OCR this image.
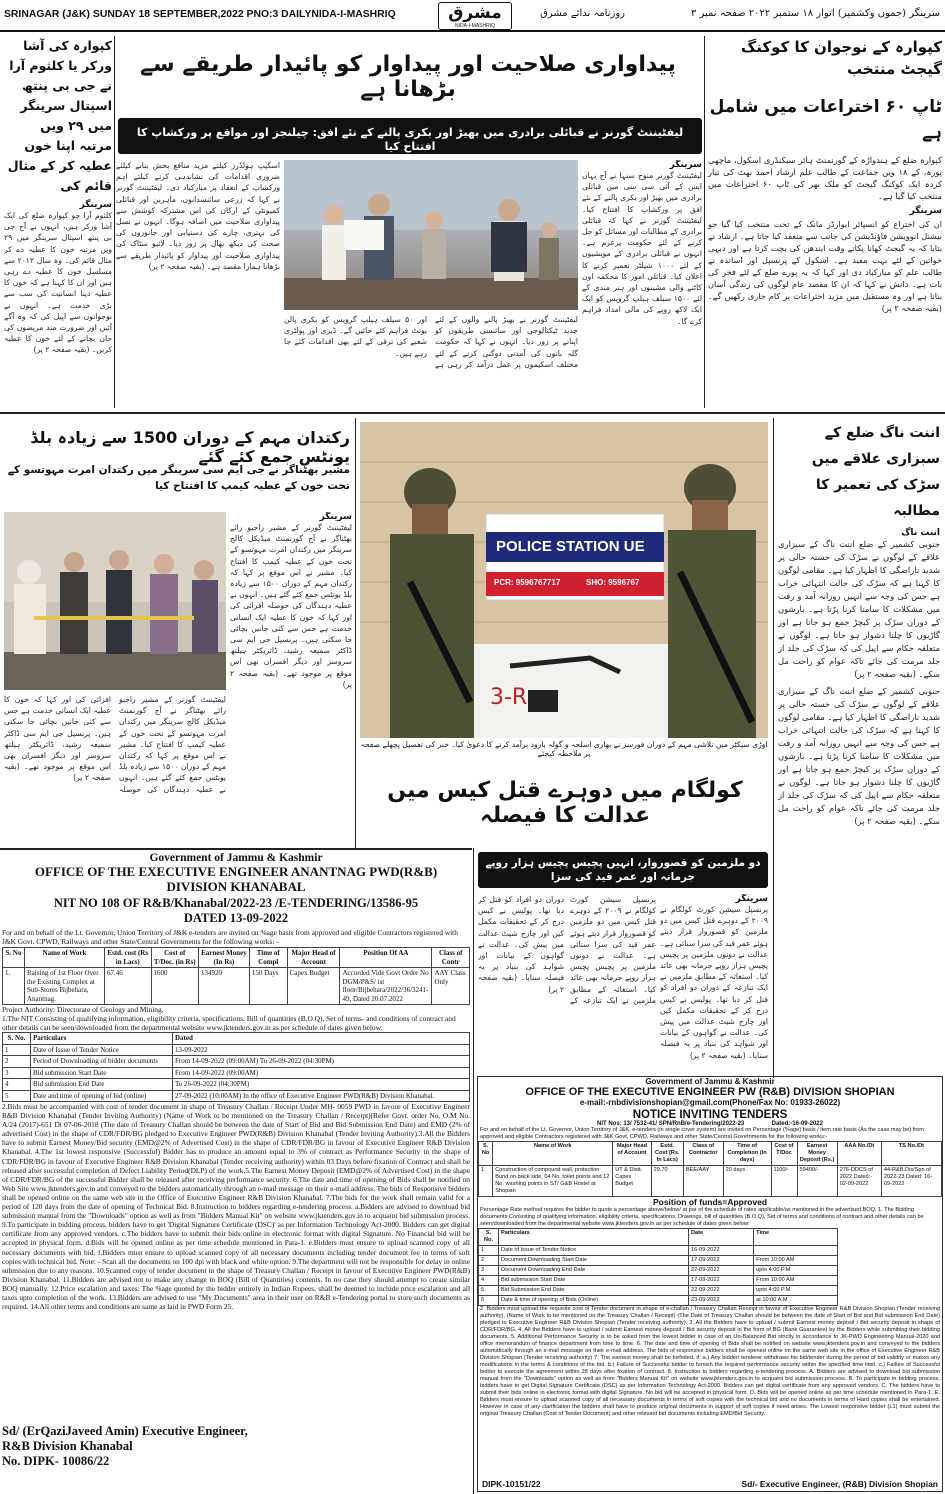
SRINAGAR (J&K) SUNDAY 18 SEPTEMBER,2022 PNO:3 DAILYNIDA-I-MASHRIQ	مشرق
NIDA-I-MASHRIQ
روزنامہ ندائے مشرق	سرینگر (جموں وکشمیر) اتوار ۱۸ ستمبر ۲۰۲۲ صفحہ نمبر ۳
کپوارہ کے نوجوان کا کوکنگ گیجٹ منتخب
ٹاپ ۶۰ اختراعات میں شامل ہے
کپوارہ ضلع کے ہندواڑہ کے گورنمنٹ ہائر سیکنڈری اسکول، ماچھی پورہ، کے ۱۸ ویں جماعت کے طالب علم ارشاد احمد بھٹ کی تیار کردہ ایک کوکنگ گیجٹ کو ملک بھر کی ٹاپ ۶۰ اختراعات میں منتخب کیا گیا ہے۔
سرینگر
ان کی اختراع کو انسپائر ایوارڈز مانک کے تحت منتخب کیا گیا جو نیشنل انوویشن فاؤنڈیشن کی جانب سے منعقد کیا جاتا ہے۔ ارشاد نے بتایا کہ یہ گیجٹ کھانا پکاتے وقت ایندھن کی بچت کرتا ہے اور دیہی خواتین کے لئے بہت مفید ہے۔ اسکول کے پرنسپل اور اساتذہ نے طالب علم کو مبارکباد دی اور کہا کہ یہ پورے ضلع کے لئے فخر کی بات ہے۔ دانش نے کہا کہ ان کا مقصد عام لوگوں کی زندگی آسان بنانا ہے اور وہ مستقبل میں مزید اختراعات پر کام جاری رکھیں گے۔ (بقیہ صفحہ ۲ پر)
پیداواری صلاحیت اور پیداوار کو پائیدار طریقے سے بڑھانا ہے
لیفٹیننٹ گورنر نے قبائلی برادری میں بھیڑ اور بکری پالنے کے نئے افق: چیلنجز اور مواقع پر ورکشاپ کا افتتاح کیا
اسکیپ ہولڈرز کیلئے مزید منافع بخش بنانے کیلئے ضروری اقدامات کی نشاندہی کرنے کیلئے اہم ورکشاپ کے انعقاد پر مبارکباد دی۔ لیفٹیننٹ گورنر نے کہا کہ زرعی سائنسدانوں، ماہرین اور قبائلی کمیونٹی کے ارکان کی اس مشترکہ کوشش سے پیداواری صلاحیت میں اضافہ ہوگا۔ انہوں نے نسل کی بہتری، چارے کی دستیابی اور جانوروں کی صحت کی دیکھ بھال پر زور دیا۔ لائیو سٹاک کی پیداواری صلاحیت اور پیداوار کو پائیدار طریقے سے بڑھانا ہمارا مقصد ہے۔ (بقیہ صفحہ ۲ پر)
سرینگر
لیفٹیننٹ گورنر منوج سنہا نے آج یہاں ایس کے آئی سی سی میں قبائلی برادری میں بھیڑ اور بکری پالنے کے نئے افق پر ورکشاپ کا افتتاح کیا۔ لیفٹیننٹ گورنر نے کہا کہ قبائلی برادری کے مطالبات اور مسائل کو حل کرنے کے لئے حکومت پرعزم ہے۔ انہوں نے قبائلی برادری کے مویشیوں کے لئے ۱۰۰۰ شیلٹر تعمیر کرنے کا اعلان کیا۔ قبائلی امور کا محکمہ اون کاٹنے والی مشینوں اور ہنر مندی کے لئے ۱۵۰۰ سیلف ہیلپ گروپس کو ایک ایک لاکھ روپے کی مالی امداد فراہم کرے گا۔
لیفٹیننٹ گورنر نے بھیڑ پالنے والوں کے لئے جدید ٹیکنالوجی اور سائنسی طریقوں کو اپنانے پر زور دیا۔ انہوں نے کہا کہ حکومت گلہ بانوں کی آمدنی دوگنی کرنے کے لئے مختلف اسکیموں پر عمل درآمد کر رہی ہے اور ۵۰ سیلف ہیلپ گروپس کو بکری پالن یونٹ فراہم کئے جائیں گے۔ ڈیری اور پولٹری شعبے کی ترقی کے لئے بھی اقدامات کئے جا رہے ہیں۔
کپوارہ کی آشا ورکر یا کلثوم آرا نے جی بی پنتھ اسپتال سرینگر میں ۲۹ ویں مرتبہ اپنا خون عطیہ کر کے مثال قائم کی
سرینگر
کلثوم آرا جو کپوارہ ضلع کی ایک آشا ورکر ہیں، انہوں نے آج جی بی پنتھ اسپتال سرینگر میں ۲۹ ویں مرتبہ خون کا عطیہ دے کر مثال قائم کی۔ وہ سال ۲۰۱۲ سے مسلسل خون کا عطیہ دے رہی ہیں اور ان کا کہنا ہے کہ خون کا عطیہ دینا انسانیت کی سب سے بڑی خدمت ہے۔ انہوں نے نوجوانوں سے اپیل کی کہ وہ آگے آئیں اور ضرورت مند مریضوں کی جان بچانے کے لئے خون کا عطیہ کریں۔ (بقیہ صفحہ ۲ پر)
رکتدان مہم کے دوران 1500 سے زیادہ بلڈ یونٹس جمع کئے گئے
مشیر بھٹناگر نے جی ایم سی سرینگر میں رکتدان امرت مہوتسو کے تحت خون کے عطیہ کیمپ کا افتتاح کیا
سرینگر
لیفٹیننٹ گورنر کے مشیر راجیو رائے بھٹناگر نے آج گورنمنٹ میڈیکل کالج سرینگر میں رکتدان امرت مہوتسو کے تحت خون کے عطیہ کیمپ کا افتتاح کیا۔ مشیر نے اس موقع پر کہا کہ رکتدان مہم کے دوران ۱۵۰۰ سے زیادہ بلڈ یونٹس جمع کئے گئے ہیں۔ انہوں نے عطیہ دہندگان کی حوصلہ افزائی کی اور کہا کہ خون کا عطیہ ایک انسانی خدمت ہے جس سے کئی جانیں بچائی جا سکتی ہیں۔ پرنسپل جی ایم سی ڈاکٹر سمیعہ رشید، ڈائریکٹر ہیلتھ سروسز اور دیگر افسران بھی اس موقع پر موجود تھے۔ (بقیہ صفحہ ۲ پر)
لیفٹیننٹ گورنر کے مشیر راجیو رائے بھٹناگر نے آج گورنمنٹ میڈیکل کالج سرینگر میں رکتدان امرت مہوتسو کے تحت خون کے عطیہ کیمپ کا افتتاح کیا۔ مشیر نے اس موقع پر کہا کہ رکتدان مہم کے دوران ۱۵۰۰ سے زیادہ بلڈ یونٹس جمع کئے گئے ہیں۔ انہوں نے عطیہ دہندگان کی حوصلہ افزائی کی اور کہا کہ خون کا عطیہ ایک انسانی خدمت ہے جس سے کئی جانیں بچائی جا سکتی ہیں۔ پرنسپل جی ایم سی ڈاکٹر سمیعہ رشید، ڈائریکٹر ہیلتھ سروسز اور دیگر افسران بھی اس موقع پر موجود تھے۔ (بقیہ صفحہ ۲ پر)
3-R
POLICE STATION UE
PCR: 9596767717	SHO: 9596767
اوڑی سیکٹر میں تلاشی مہم کے دوران فورسز نے بھاری اسلحہ و گولہ بارود برآمد کرنے کا دعویٰ کیا۔ خبر کی تفصیل پچھلے صفحہ پر ملاحظہ کیجئے
اننت ناگ ضلع کے سبزاری علاقے میں سڑک کی تعمیر کا مطالبہ
اننت ناگ
جنوبی کشمیر کے ضلع اننت ناگ کے سبزاری علاقے کے لوگوں نے سڑک کی خستہ حالی پر شدید ناراضگی کا اظہار کیا ہے۔ مقامی لوگوں کا کہنا ہے کہ سڑک کی حالت انتہائی خراب ہے جس کی وجہ سے انہیں روزانہ آمد و رفت میں مشکلات کا سامنا کرنا پڑتا ہے۔ بارشوں کے دوران سڑک پر کیچڑ جمع ہو جاتا ہے اور گاڑیوں کا چلنا دشوار ہو جاتا ہے۔ لوگوں نے متعلقہ حکام سے اپیل کی کہ سڑک کی جلد از جلد مرمت کی جائے تاکہ عوام کو راحت مل سکے۔ (بقیہ صفحہ ۲ پر)
جنوبی کشمیر کے ضلع اننت ناگ کے سبزاری علاقے کے لوگوں نے سڑک کی خستہ حالی پر شدید ناراضگی کا اظہار کیا ہے۔ مقامی لوگوں کا کہنا ہے کہ سڑک کی حالت انتہائی خراب ہے جس کی وجہ سے انہیں روزانہ آمد و رفت میں مشکلات کا سامنا کرنا پڑتا ہے۔ بارشوں کے دوران سڑک پر کیچڑ جمع ہو جاتا ہے اور گاڑیوں کا چلنا دشوار ہو جاتا ہے۔ لوگوں نے متعلقہ حکام سے اپیل کی کہ سڑک کی جلد از جلد مرمت کی جائے تاکہ عوام کو راحت مل سکے۔ (بقیہ صفحہ ۲ پر)
کولگام میں دوہرے قتل کیس میں عدالت کا فیصلہ
دو ملزمین کو قصوروار، انہیں پچیس پچیس ہزار روپے جرمانہ اور عمر قید کی سزا
سرینگر
پرنسپل سیشن کورٹ کولگام نے ۲۰۰۹ کے دوہرے قتل کیس میں دو ملزمین کو قصوروار قرار دیتے ہوئے عمر قید کی سزا سنائی ہے۔ عدالت نے دونوں ملزمین پر پچیس پچیس ہزار روپے جرمانہ بھی عائد کیا۔ استغاثہ کے مطابق ملزمین نے ایک تنازعہ کے دوران دو افراد کو قتل کر دیا تھا۔ پولیس نے کیس درج کر کے تحقیقات مکمل کیں اور چارج شیٹ عدالت میں پیش کی۔ عدالت نے گواہوں کے بیانات اور شواہد کی بنیاد پر یہ فیصلہ سنایا۔ (بقیہ صفحہ ۲ پر)
پرنسپل سیشن کورٹ کولگام نے ۲۰۰۹ کے دوہرے قتل کیس میں دو ملزمین کو قصوروار قرار دیتے ہوئے عمر قید کی سزا سنائی ہے۔ عدالت نے دونوں ملزمین پر پچیس پچیس ہزار روپے جرمانہ بھی عائد کیا۔ استغاثہ کے مطابق ملزمین نے ایک تنازعہ کے دوران دو افراد کو قتل کر دیا تھا۔ پولیس نے کیس درج کر کے تحقیقات مکمل کیں اور چارج شیٹ عدالت میں پیش کی۔ عدالت نے گواہوں کے بیانات اور شواہد کی بنیاد پر یہ فیصلہ سنایا۔ (بقیہ صفحہ ۲ پر)
Government of Jammu & Kashmir
OFFICE OF THE EXECUTIVE ENGINEER ANANTNAG PWD(R&B) DIVISION KHANABAL
NIT NO 108 OF R&B/Khanabal/2022-23 /E-TENDERING/13586-95
DATED 13-09-2022
For and on behalf of the Lt. Governor, Union Territory of J&K e-tenders are invited on %age basis from approved and eligible Contractors registered with J&K Govt. CPWD, Railways and other State/Central Governments for the following works: -
S. No	Name of Work	Estd. cost (Rs in Lacs)	Cost of T/Doc. (in Rs)	Earnest Money (In Rs)	Time of Compl	Major Head of Account	Position Of AA	Class of Contr
1.	Raising of 1st Floor Over the Existing Complex at Sub-Stores Bijbehara, Anantnag.	67.46	1600	134920	150 Days	Capex Budget	Accorded Vide Govt Order No DGM/P&S/ ist floor/Bijbehara/2022/36/3241-49, Dated 20.07.2022	AAY Class Only
Project Authority: Directorate of Geology and Mining.
1.The NIT Consisting of qualifying information, eligibility criteria, specifications, Bill of quantities (B.O.Q), Set of terms- and conditions of contract and other details can be seen/downloaded from the departmental website www.jktenders.gov.in as per schedule of dates given below:
S. No.	Particulars	Dated
1	Date of Issue of Tender Notice	13-09-2022
2	Period of Downloading of bidder documents	From 14-09-2022 (09:00AM) To 26-09-2022 (04:30PM)
3	Bid submission Start Date	From 14-09-2022 (09:00AM)
4	Bid submission End Date	To 26-09-2022 (04:30PM)
5	Date and time of opening of bid (online)	27-09-2022 (10:00AM) In the office of Executive Engineer PWD(R&B) Division Khanabal.
2.Bids must be accompanied with cost of tender document in shape of Treasury Challan / Receipt Under MH- 0059 PWD in favour of Executive Engineer R&B Division Khanabal (Tender Inviting Authority) (Name of Work to be mentioned on the Treasury Challan / Receipt)(Refer Govt. order No. O.M No. A/24 (2017)-651 Dt 07-06-2018 (The date of Treasury Challan should be between the date of Start of Bid and Bid Submission End Date) and EMD (2% of advertised Cost) in the shape of CDR/FDR/BG pledged to Executive Engineer PWD(R&B) Division Khanabal (Tender Inviting Authority).3.All the Bidders have to submit Earnest Money/Bid security (EMD@2% of Advertised Cost) in the shape of CDR/FDR/BG in favour of Executive Engineer R&B Division Khanabal. 4.The 1st lowest responsive (Successful) Bidder has to produce an amount equal to 3% of contract as Performance Security in the shape of CDR/FDR/BG in favour of Executive Engineer R&B Division Khanabal (Tender receiving authority) within 03 Days before fixation of Contract and shall be released after successful completion of Defect Liability Period(DLP) of the work.5.The Earnest Money Deposit (EMD@2% of Advertised Cost) in the shape of CDR/FDR/BG of the successful Bidder shall be released after receiving performance security. 6.The date and time of opening of Bids shall be notified on Web Site www.jktenders.gov.in and conveyed to the bidders automatically through an e-mail message on their e-mail address. The bids of Responsive bidders shall be opened online on the same web site in the Office of Executive Engineer R&B Division Khanabal. 7.The bids for the work shall remain valid for a period of 120 days from the date of opening of Technical Bid. 8.Instruction to bidders regarding e-tendering process. a.Bidders are advised to download bid submission manual from the "Downloads" option as well as from "Bidders Manual Kit" on website www.jktenders.gov.in to acquaint bid submission process. 9.To participate in bidding process, bidders have to get 'Digital Signature Certificate (DSC)' as per Information Technology Act-2000. Bidders can get digital certificate from any approved vendors. c.The bidders have to submit their bids online in electronic format with digital Signature. No Financial bid will be accepted in physical form. d.Bids will be opened online as per time schedule mentioned in Para-1. e.Bidders must ensure to upload scanned copy of all necessary documents with bid. f.Bidders must ensure to upload scanned copy of all necessary documents including tender document fee in terms of soft copies with technical bid. Note: - Scan all the documents on 100 dpi with black and white option. 9.The department will not be responsible for delay in online submission due to any reasons. 10.Scanned copy of tender document in the shape of Treasury Challan / Receipt in favour of Executive Engineer PWD(R&B) Division Khanabal. 11.Bidders are advised not to make any change in BOQ (Bill of Quantities) contents. In no case they should attempt to create similar BOQ manually. 12.Price escalation and taxes: The %age quoted by the bidder entirely in Indian Rupees, shall be deemed to include price escalation and all taxes upto completion of the work. 13.Bidders are advised to use "My Documents" area in their user on R&B e-Tendering portal to store such documents as required. 14.All other terms and conditions are same as laid in PWD Form 25.
Sd/ (ErQaziJaveed Amin) Executive Engineer,
R&B Division Khanabal
No. DIPK- 10086/22
Government of Jammu & Kashmir
OFFICE OF THE EXECUTIVE ENGINEER PW (R&B) DIVISION SHOPIAN
e-mail:-rnbdivisionshopian@gmail.com(Phone/Fax No: 01933-26022)
NOTICE INVITING TENDERS
NIT Nos: 13/ 7532-41/ SPN/RnB/e-Tendering/2022-23	Dated:-16-09-2022
For and on behalf of the Lt. Governor, Union Territory of J&K, e-tenders (in single cover system) are invited on Percentage (%age) basis / item rate basis (As the case may be) from approved and eligible Contractors registered with J&K Govt, CPWD, Railways and other State/Central Governments for the following works:-
S. No	Name of Work	Major Head of Account	Estd. Cost (Rs. In Lacs)	Class of Contractor	Time of Completion (In days)	Cost of T/Doc	Earnest Money Deposit (Rs.)	AAA No./Dt	TS No./Dt
1	Construction of compound wall, protection Bund on back side, 04 No. toilet points and 12 No. washing points in ST/ G&B Hostel at Shopian	UT & Distt. Capex Budget	29.70	BEE/AAY	20 days	1100/-	59400/-	276-DDCS of 2022 Dated:- 02-09-2022	44-R&B.Dix/Spn of 2022-23 Dated: 16-09-2022
Position of funds=Approved
Percentage Rate method requires the bidder to quote a percentage above/below/ at par of the schedule of rates applicable/as mentioned in the advertised BOQ. 1. The Bidding documents Consisting of qualifying information, eligibility criteria, specifications, Drawings, bill of quantities (B.O.Q), Set of terms and conditions of contract and other details can be seen/downloaded from the departmental website www.jktenders.gov.in as per schedule of dates given below:
S. No.	Particulars	Date	Time
1	Date of Issue of Tender Notice	16-09-2022	
2	Document Downloading Start Date	17-09-2022	From 10:00 AM
3	Document Downloading End Date	22-09-2022	upto 4:00 P.M
4	Bid submission Start Date	17-09-2022	From 10:00 AM
5	Bid Submission End Date	22-09-2022	upto 4:00 P.M
6	Date & time of opening of Bids (Online)	23-09-2022	at 10:00 A.M
2. Bidders must upload the requisite cost of Tender document in shape of e-challan / Treasury Challan Receipt in favour of Executive Engineer R&B Division Shopian (Tender receiving authority). (Name of Work to be mentioned on the Treasury Challan / Receipt) (The Date of Treasury Challan should be between the date of Start of Bid and Bid submission End Date) pledged to Executive Engineer R&B Division Shopian (Tender receiving authority). 3. All the Bidders have to upload / submit Earnest money deposit / Bid security deposit in shape of CDR/FDR/BG. 4. All the Bidders have to upload / submit Earnest money deposit / Bid security deposit in the form of BG (Bank Guarantee) by the Bidders while submitting their bidding documents. 5. Additional Performance Security is to be asked from the lowest bidder in case of an Un-Balanced Bid strictly in accordance to JK-PWD Engineering Manual-2020 and office memorandum of finance department from time to time. 6. The date and time of opening of Bids shall be notified on website www.jktenders.gov.in and conveyed to the bidders automatically through an e-mail message on their e-mail address. The bids of responsive bidders shall be opened online on the same web site in the office of Executive Engineer R&B Division Shopian (Tender receiving authority) 7. The earnest money shall be forfeited, if: a.) Any bidder/ tenderer withdraws his bid/tender during the period of bid validity or makes any modifications in the terms & conditions of the bid. b.) Failure of Successful bidder to furnish the required performance security within the specified time limit. c.) Failure of Successful bidder to execute the agreement within 28 days after fixation of contract. 8. Instruction to bidders regarding e-tendering process. A. Bidders are advised to download bid submission manual from the "Downloads" option as well as from "Bidders Manual Kit" on website www.jktenders.gov.in to acquaint bid submission process. B. To participate in bidding process, bidders have to get Digital Signature Certificate (DSC) as per Information Technology Act-2000. Bidders can get digital certificate from any approved vendors. C. The bidders have to submit their bids online in electronic format with digital Signature. No bid will be accepted in physical form. D. Bids will be opened online as per time schedule mentioned in Para-1. E. Bidders must ensure to upload scanned copy of all necessary documents in terms of soft copies with the technical bid and no documents in terms of Hard copies shall be entertained. However in case of any clarification the bidders shall have to produce original documents in support of soft copies if need arises. The Lowest responsive bidder (L1) must submit the original Treasury Challan (Cost of Tender Document) and other relevant bid documents including EMD/Bid Security.
DIPK-10151/22	Sd/- Executive Engineer, (R&B) Division Shopian
